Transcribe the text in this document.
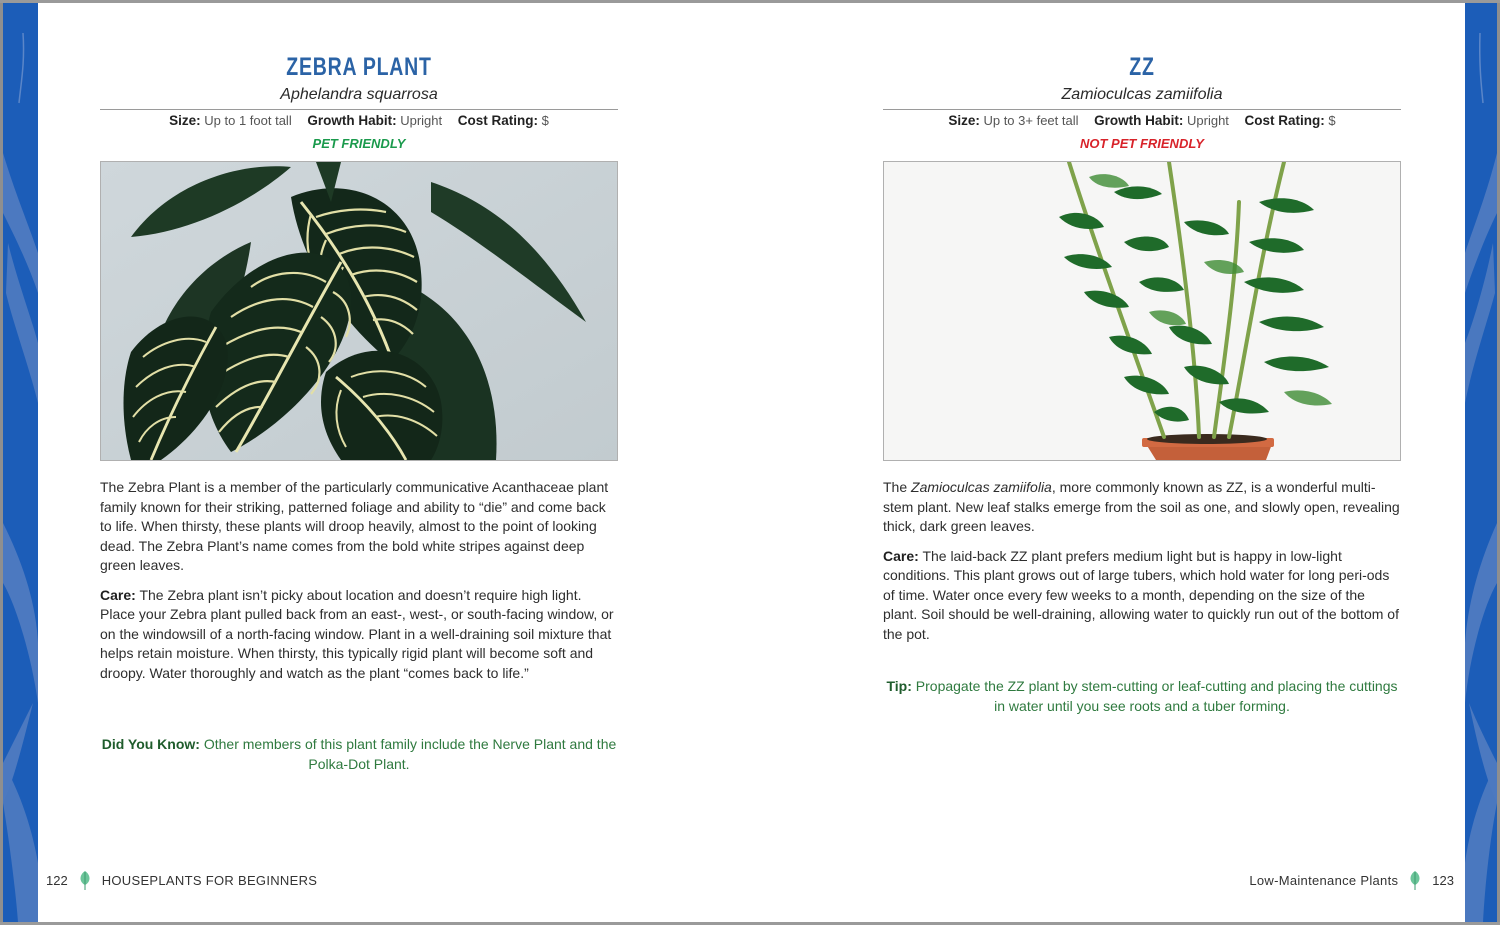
ZEBRA PLANT
Aphelandra squarrosa
Size: Up to 1 foot tall Growth Habit: Upright Cost Rating: $
PET FRIENDLY

The Zebra Plant is a member of the particularly communicative Acanthaceae plant family known for their striking, patterned foliage and ability to “die” and come back to life. When thirsty, these plants will droop heavily, almost to the point of looking dead. The Zebra Plant’s name comes from the bold white stripes against deep green leaves.

Care: The Zebra plant isn’t picky about location and doesn’t require high light. Place your Zebra plant pulled back from an east-, west-, or south-facing window, or on the windowsill of a north-facing window. Plant in a well-draining soil mixture that helps retain moisture. When thirsty, this typically rigid plant will become soft and droopy. Water thoroughly and watch as the plant “comes back to life.”

Did You Know: Other members of this plant family include the Nerve Plant and the Polka-Dot Plant.
ZZ
Zamioculcas zamiifolia
Size: Up to 3+ feet tall Growth Habit: Upright Cost Rating: $
NOT PET FRIENDLY

The Zamioculcas zamiifolia, more commonly known as ZZ, is a wonderful multi-stem plant. New leaf stalks emerge from the soil as one, and slowly open, revealing thick, dark green leaves.

Care: The laid-back ZZ plant prefers medium light but is happy in low-light conditions. This plant grows out of large tubers, which hold water for long peri-ods of time. Water once every few weeks to a month, depending on the size of the plant. Soil should be well-draining, allowing water to quickly run out of the bottom of the pot.

Tip: Propagate the ZZ plant by stem-cutting or leaf-cutting and placing the cuttings in water until you see roots and a tuber forming.
122	HOUSEPLANTS FOR BEGINNERS	Low-Maintenance Plants	123
